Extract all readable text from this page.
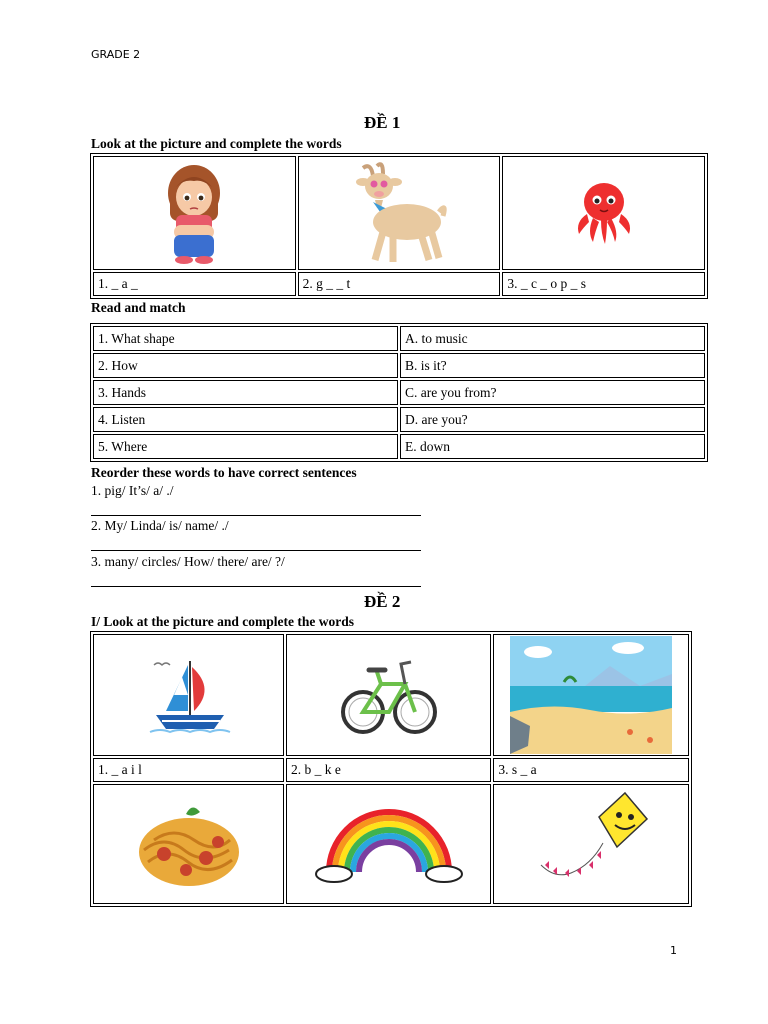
GRADE 2
ĐỀ 1
Look at the picture and complete the words

1. _ a _	2. g _ _ t	3. _ c _ o p _ s
Read and match
1. What shape	A. to music
2. How	B. is it?
3. Hands	C. are you from?
4. Listen	D. are you?
5. Where	E. down
Reorder these words to have correct sentences
1. pig/ It’s/ a/ ./
2. My/ Linda/ is/ name/ ./
3. many/ circles/ How/ there/ are/ ?/
ĐỀ 2
I/ Look at the picture and complete the words

1. _ a i l	2. b _ k e	3. s _ a

1
